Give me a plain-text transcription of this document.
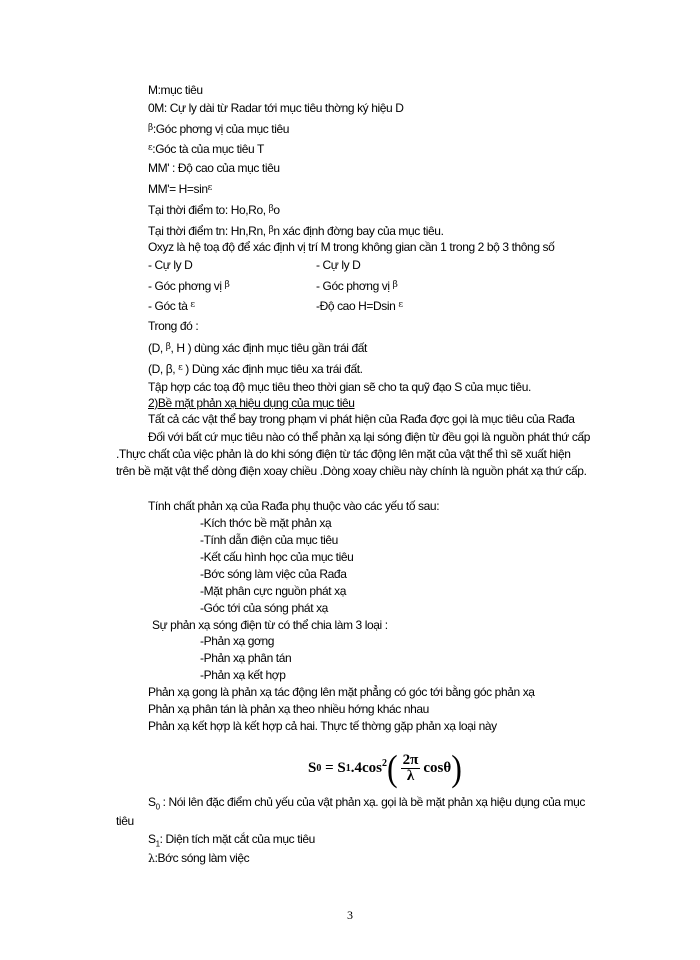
M:mục tiêu
0M: Cự ly dài từ Radar tới mục tiêu thờng ký hiệu D
$^\beta$:Góc phơng vị của mục tiêu
$^\varepsilon$:Góc tà của mục tiêu T
MM' : Độ cao của mục tiêu
$MM'= H=\sin^\varepsilon$
Tại thời điểm to: Ho,Ro, $^\beta$o
Tại thời điểm tn: Hn,Rn, $^\beta$n xác định đờng bay của mục tiêu.
Oxyz là hệ toạ độ để xác định vị trí M trong không gian cần 1 trong 2 bộ 3 thông số
- Cự ly D	- Cự ly D
- Góc phơng vị $^\beta$	- Góc phơng vị $^\beta$
- Góc tà $^\varepsilon$	-Độ cao H=Dsin $^\varepsilon$
Trong đó :
(D, $^\beta$, H ) dùng xác định mục tiêu gần trái đất
(D, β, $^\varepsilon$ ) Dùng xác định mục tiêu xa trái đất.
Tập hợp các toạ độ mục tiêu theo thời gian sẽ cho ta quỹ đạo S của mục tiêu.
2)Bề mặt phản xạ hiệu dụng của mục tiêu
Tất cả các vật thể bay trong phạm vi phát hiện của Rađa đợc gọi là mục tiêu của Rađa
Đối với bất cứ mục tiêu nào có thể phản xạ lại sóng điện từ đều gọi là nguồn phát thứ cấp
.Thực chất của việc phản là do khi sóng điện từ tác động lên mặt của vật thể thì sẽ xuất hiện
trên bề mặt vật thể dòng điện xoay chiều .Dòng xoay chiều này chính là nguồn phát xạ thứ cấp.
Tính chất phản xạ của Rađa phụ thuộc vào các yếu tố sau:
-Kích thớc bề mặt phản xạ
-Tính dẫn điện của mục tiêu
-Kết cấu hình học của mục tiêu
-Bớc sóng làm việc của Rađa
-Mặt phân cực nguồn phát xạ
-Góc tới của sóng phát xạ
Sự phản xạ sóng điện từ có thể chia làm 3 loại :
-Phản xạ gơng
-Phản xạ phân tán
-Phản xạ kết hợp
Phản xạ gong là phản xạ tác động lên mặt phẳng có góc tới bằng góc phản xạ
Phản xạ phân tán là phản xạ theo nhiều hớng khác nhau
Phản xạ kết hợp là kết hợp cả hai. Thực tế thờng gặp phản xạ loại này
S 0 = S 1 $.4\cos^2$ ( $\frac{2\pi}{\lambda}$ cos θ )
$S_0$ : Nói lên đặc điểm chủ yếu của vật phản xạ. gọi là bề mặt phản xạ hiệu dụng của mục
tiêu
$S_1$: Diện tích mặt cắt của mục tiêu
λ:Bớc sóng làm việc
3
